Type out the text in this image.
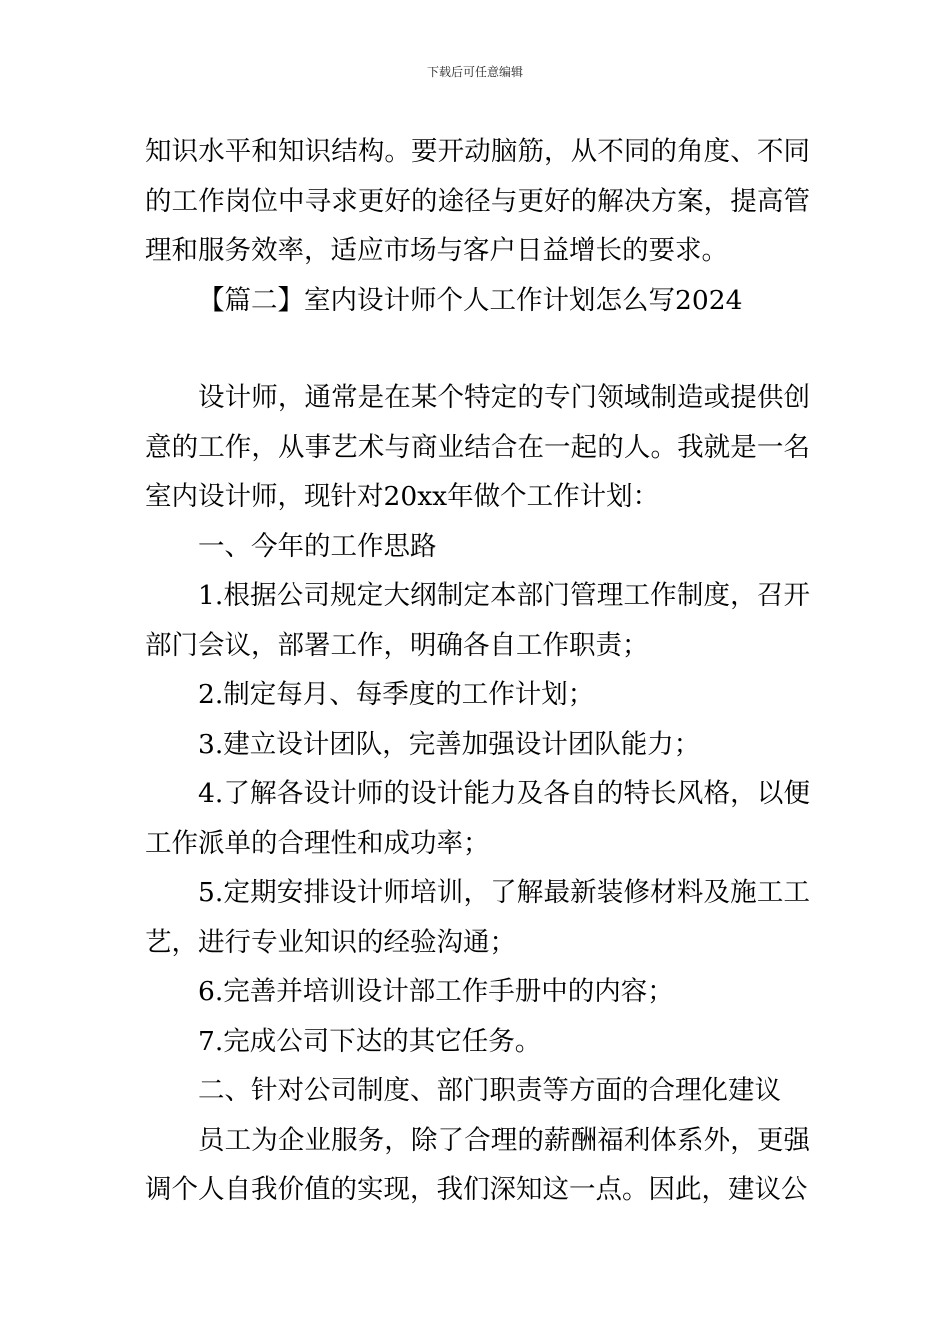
下载后可任意编辑

知识水平和知识结构。要开动脑筋，从不同的角度、不同的工作岗位中寻求更好的途径与更好的解决方案，提高管理和服务效率，适应市场与客户日益增长的要求。

【篇二】室内设计师个人工作计划怎么写2024

设计师，通常是在某个特定的专门领域制造或提供创意的工作，从事艺术与商业结合在一起的人。我就是一名室内设计师，现针对20xx年做个工作计划：

一、今年的工作思路

1.根据公司规定大纲制定本部门管理工作制度，召开部门会议，部署工作，明确各自工作职责；

2.制定每月、每季度的工作计划；

3.建立设计团队，完善加强设计团队能力；

4.了解各设计师的设计能力及各自的特长风格，以便工作派单的合理性和成功率；

5.定期安排设计师培训，了解最新装修材料及施工工艺，进行专业知识的经验沟通；

6.完善并培训设计部工作手册中的内容；

7.完成公司下达的其它任务。

二、针对公司制度、部门职责等方面的合理化建议

员工为企业服务，除了合理的薪酬福利体系外，更强调个人自我价值的实现，我们深知这一点。因此，建议公
